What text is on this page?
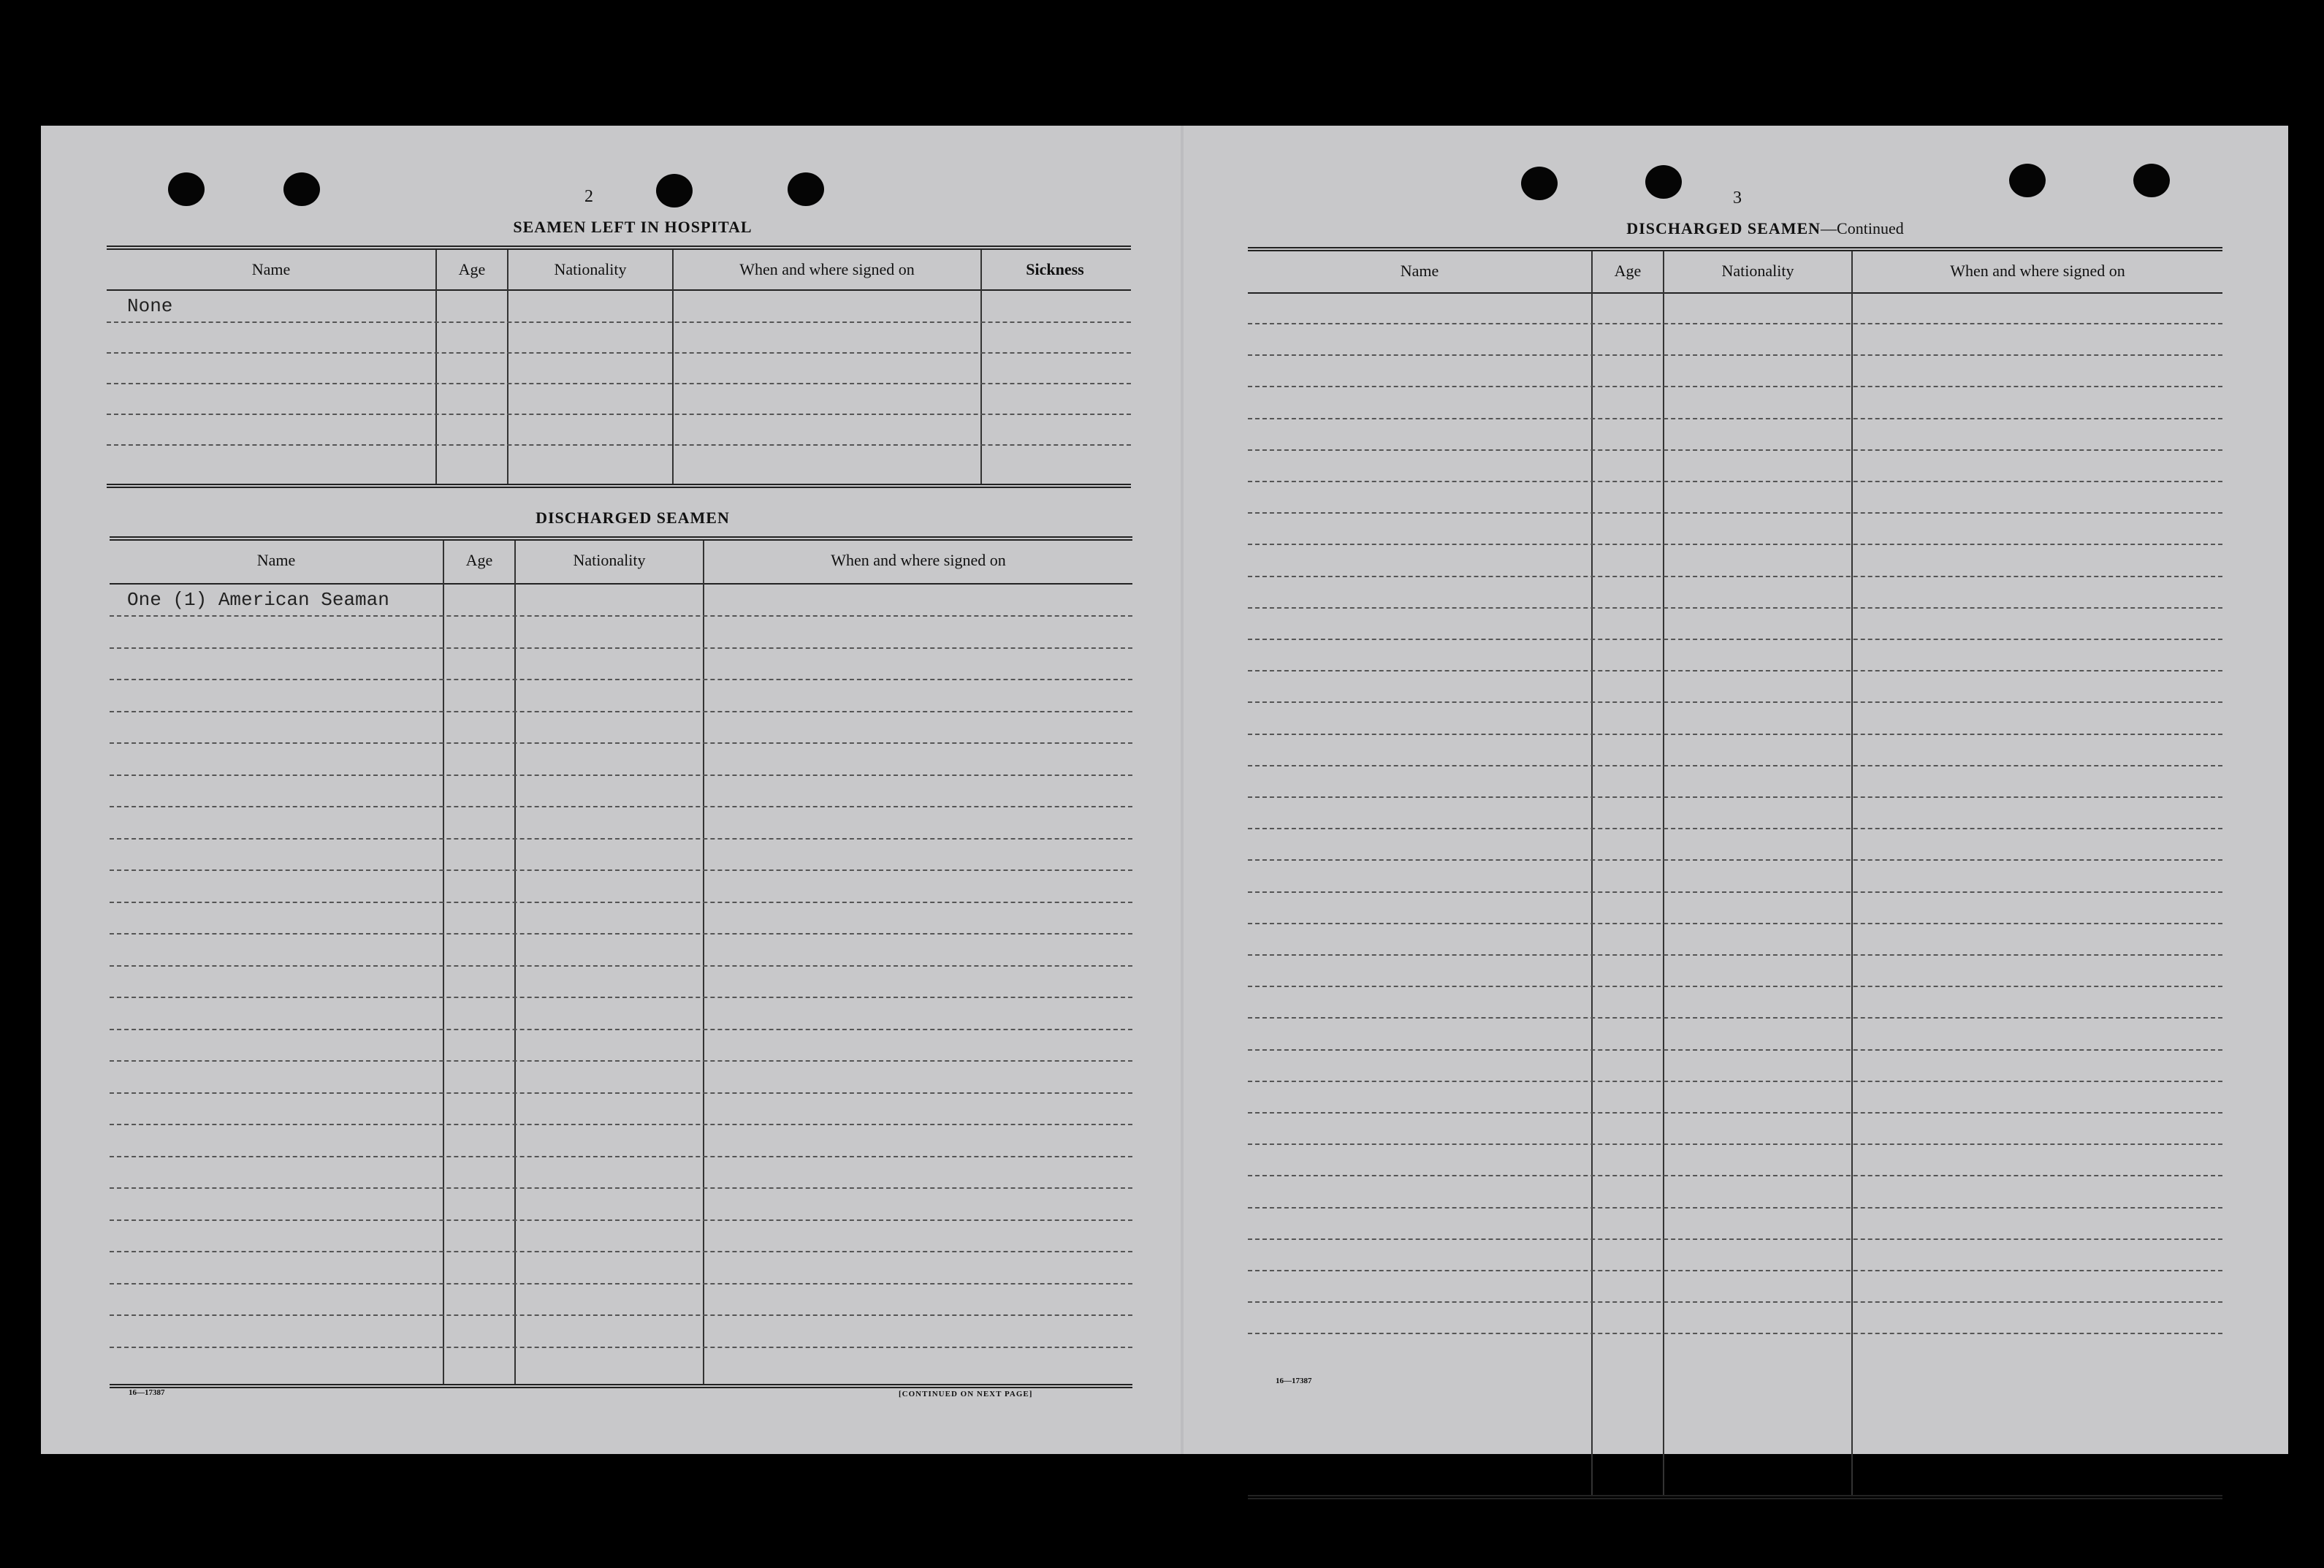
2
SEAMEN LEFT IN HOSPITAL
Name	Age	Nationality	When and where signed on	Sickness
None
DISCHARGED SEAMEN
Name	Age	Nationality	When and where signed on
One (1) American Seaman
16—17387	[CONTINUED ON NEXT PAGE]
3
DISCHARGED SEAMEN—Continued
Name	Age	Nationality	When and where signed on
16—17387
